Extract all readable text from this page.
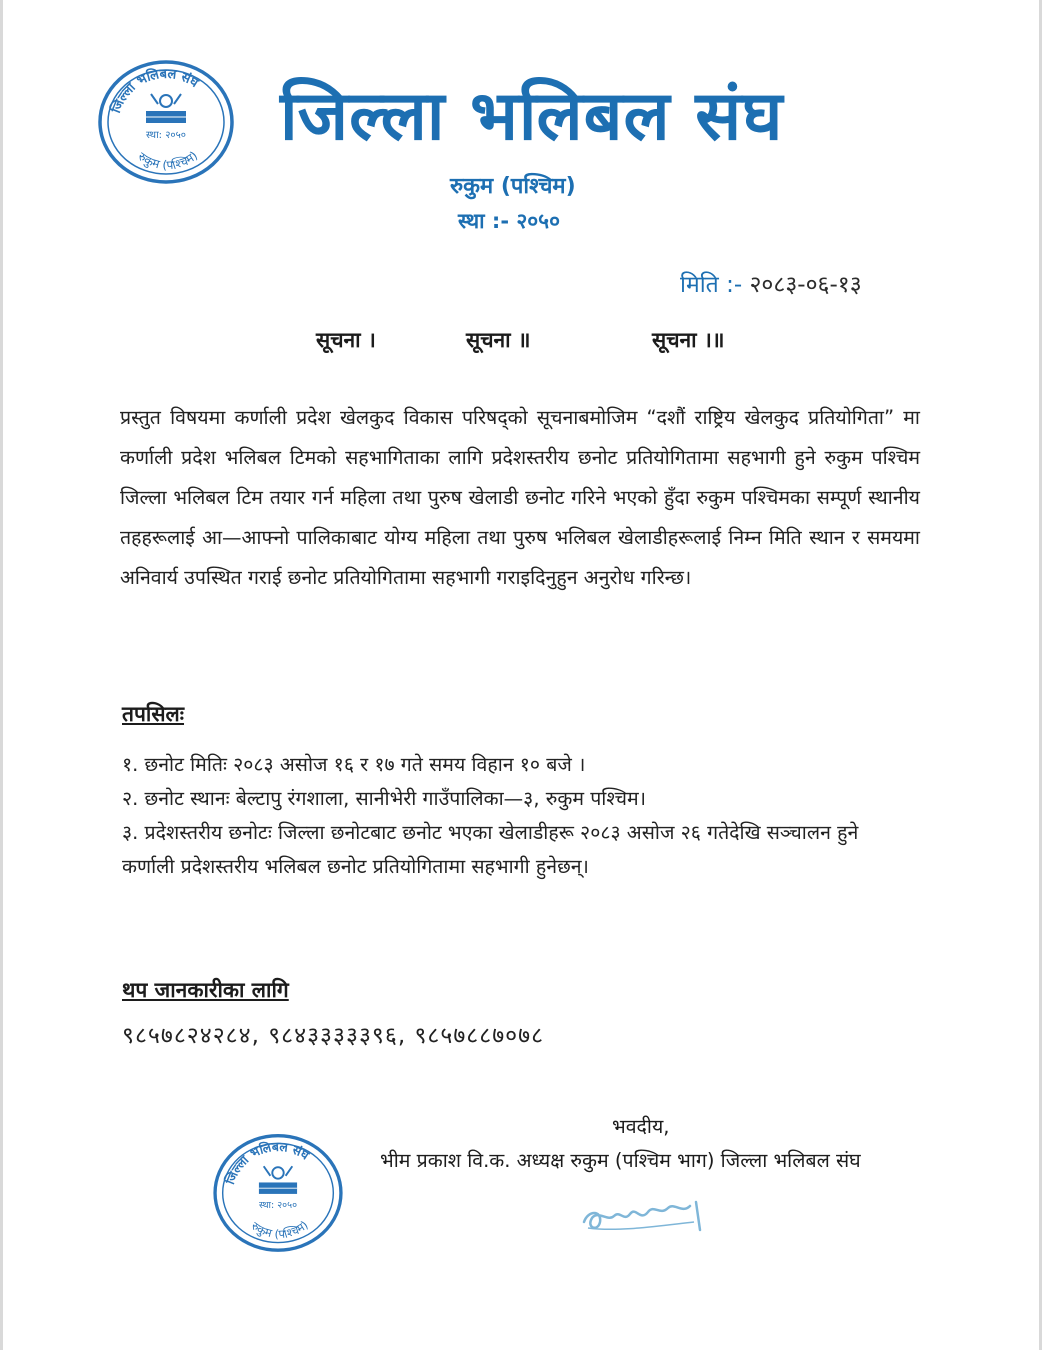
जिल्ला भलिबल संघ
रुकुम (पश्चिम)
स्था: २०५० जिल्ला भलिबल संघ
रुकुम (पश्चिम)
स्था :- २०५०
मिति :- २०८३-०६-१३
सूचना ।	सूचना ॥	सूचना ।॥
प्रस्तुत विषयमा कर्णाली प्रदेश खेलकुद विकास परिषद्को सूचनाबमोजिम “दशौं राष्ट्रिय खेलकुद प्रतियोगिता” मा कर्णाली प्रदेश भलिबल टिमको सहभागिताका लागि प्रदेशस्तरीय छनोट प्रतियोगितामा सहभागी हुने रुकुम पश्चिम जिल्ला भलिबल टिम तयार गर्न महिला तथा पुरुष खेलाडी छनोट गरिने भएको हुँदा रुकुम पश्चिमका सम्पूर्ण स्थानीय तहहरूलाई आ—आफ्नो पालिकाबाट योग्य महिला तथा पुरुष भलिबल खेलाडीहरूलाई निम्न मिति स्थान र समयमा अनिवार्य उपस्थित गराई छनोट प्रतियोगितामा सहभागी गराइदिनुहुन अनुरोध गरिन्छ।
तपसिलः
१. छनोट मितिः २०८३ असोज १६ र १७ गते समय विहान १० बजे ।
२. छनोट स्थानः बेल्टापु रंगशाला, सानीभेरी गाउँपालिका—३, रुकुम पश्चिम।
३. प्रदेशस्तरीय छनोटः जिल्ला छनोटबाट छनोट भएका खेलाडीहरू २०८३ असोज २६ गतेदेखि सञ्चालन हुने कर्णाली प्रदेशस्तरीय भलिबल छनोट प्रतियोगितामा सहभागी हुनेछन्।
थप जानकारीका लागि
९८५७८२४२८४, ९८४३३३३३९६, ९८५७८८७०७८
जिल्ला भलिबल संघ
रुकुम (पश्चिम)
स्था: २०५०
भवदीय,
भीम प्रकाश वि.क. अध्यक्ष रुकुम (पश्चिम भाग) जिल्ला भलिबल संघ
